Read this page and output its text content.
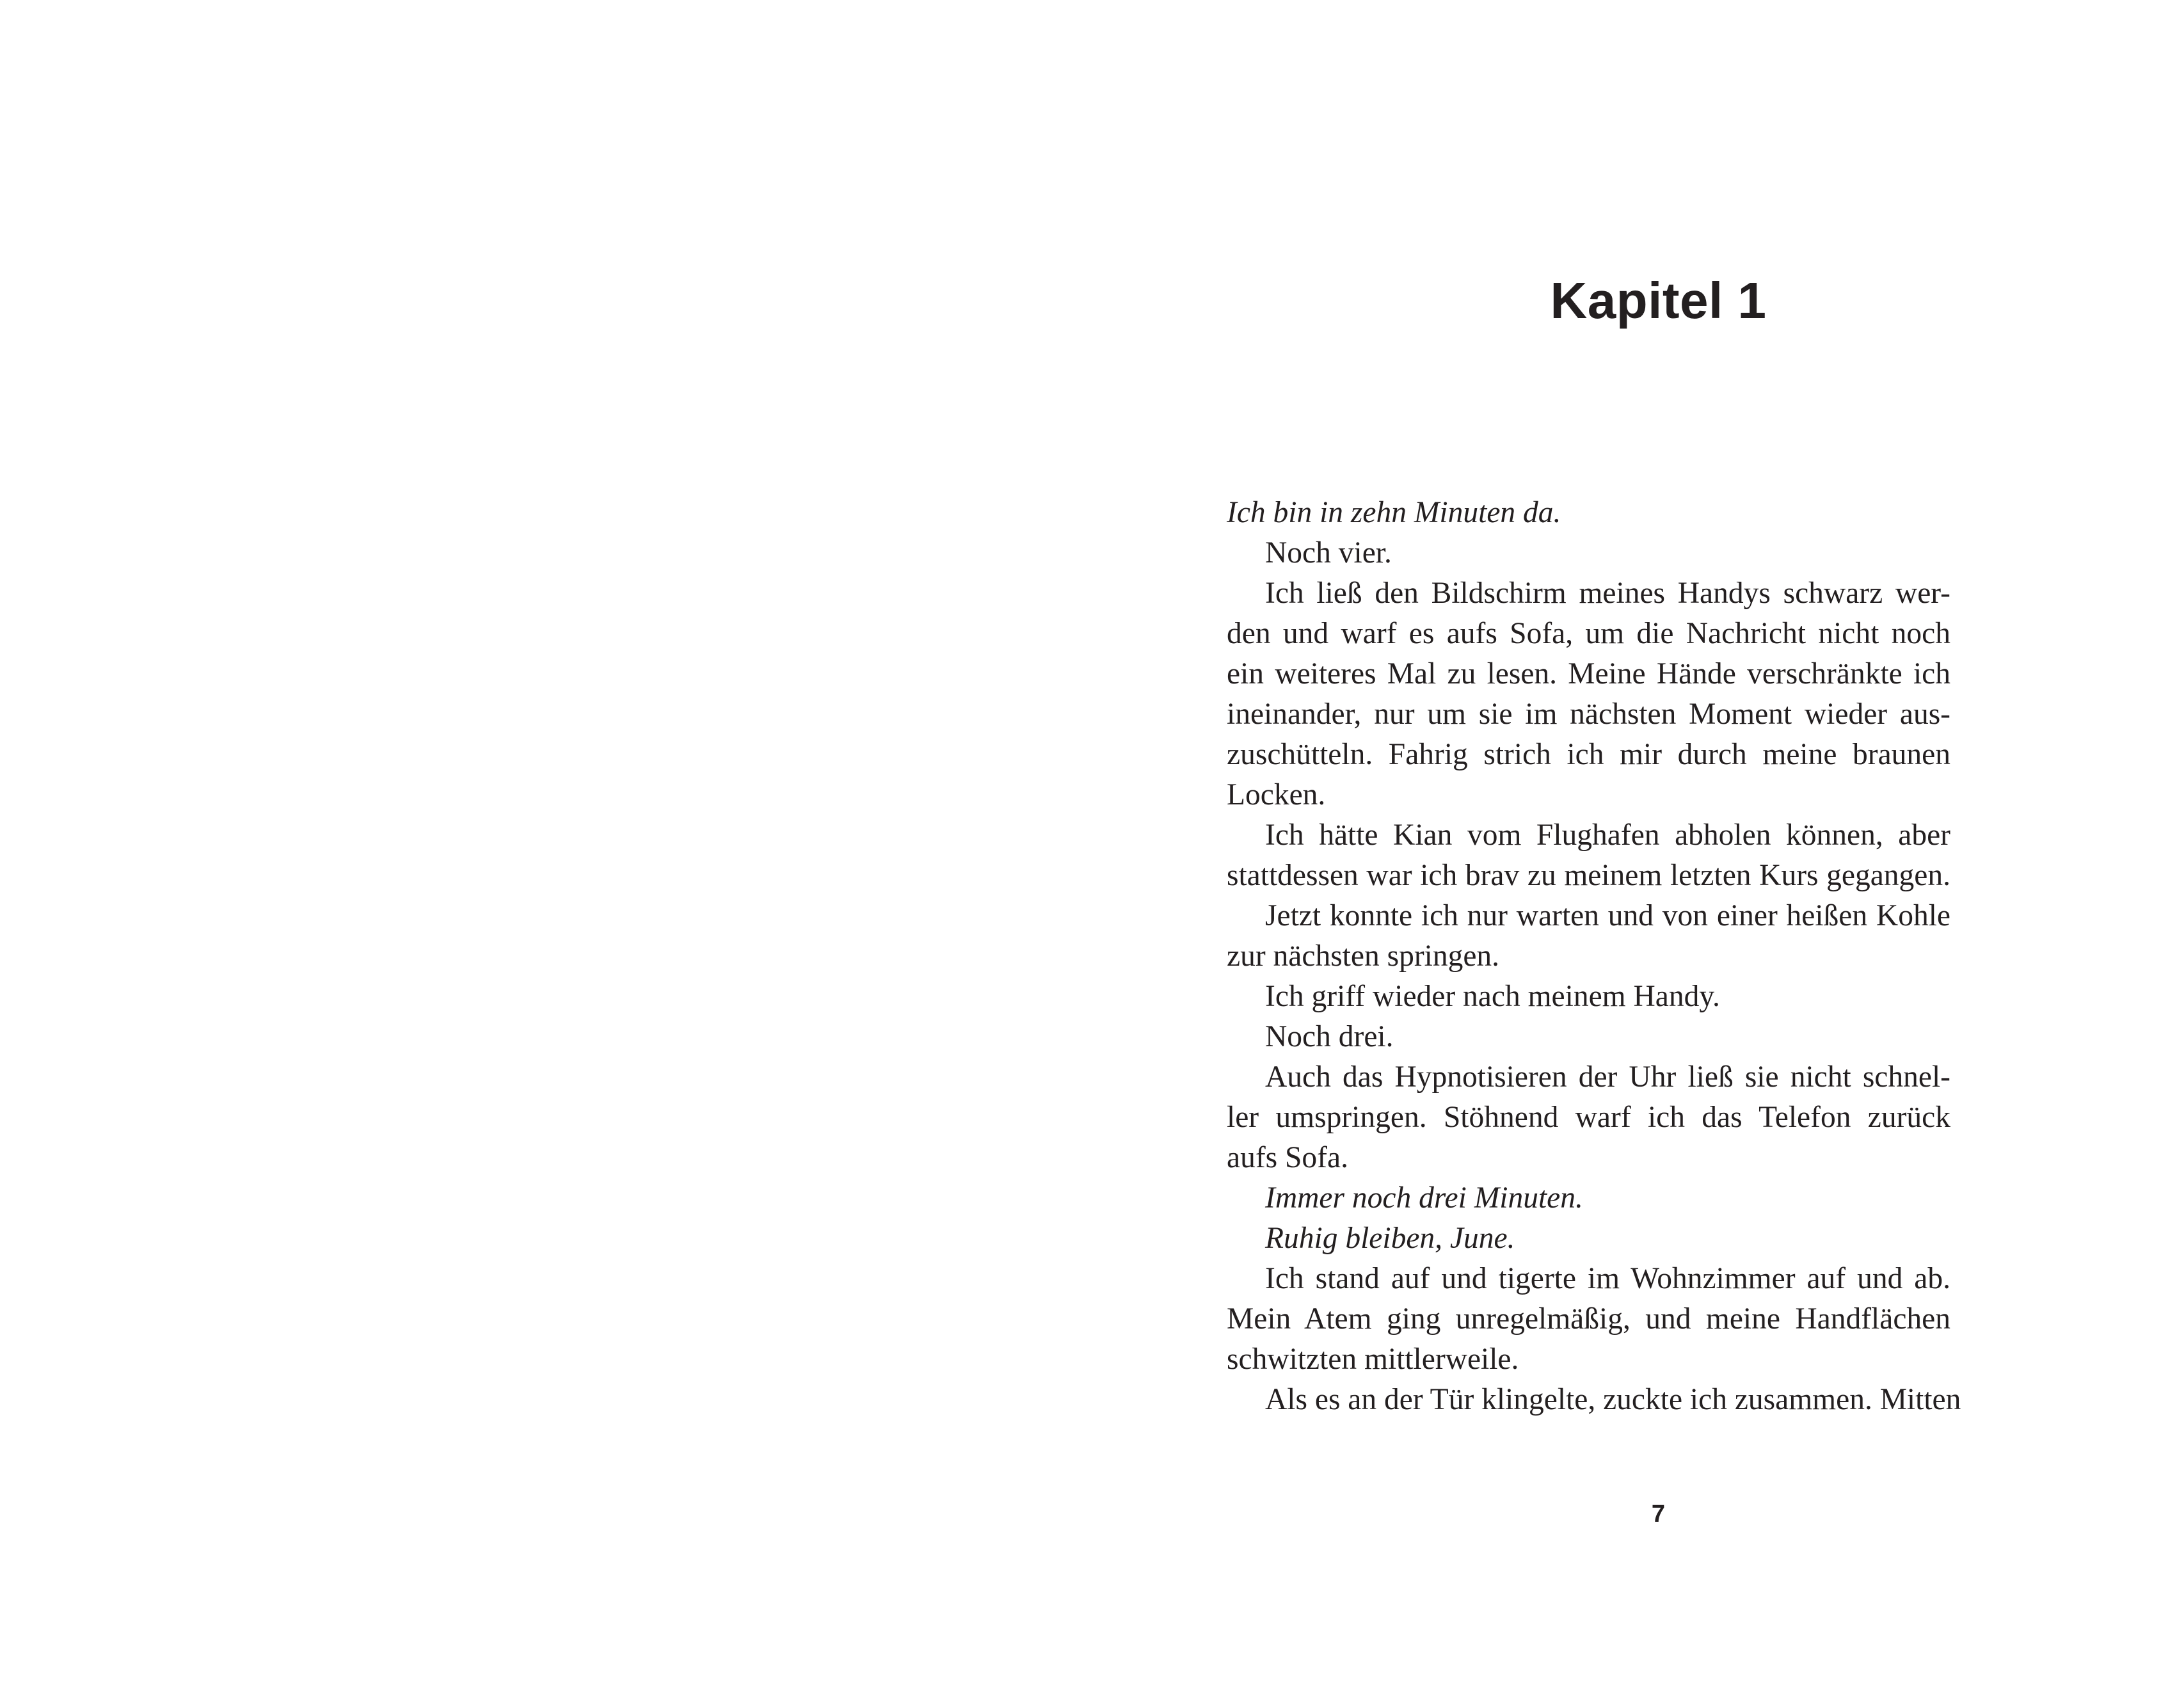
Kapitel 1
Ich bin in zehn Minuten da.
Noch vier.
Ich ließ den Bildschirm meines Handys schwarz wer-
den und warf es aufs Sofa, um die Nachricht nicht noch
ein weiteres Mal zu lesen. Meine Hände verschränkte ich
ineinander, nur um sie im nächsten Moment wieder aus-
zuschütteln. Fahrig strich ich mir durch meine braunen
Locken.
Ich hätte Kian vom Flughafen abholen können, aber
stattdessen war ich brav zu meinem letzten Kurs gegangen.
Jetzt konnte ich nur warten und von einer heißen Kohle
zur nächsten springen.
Ich griff wieder nach meinem Handy.
Noch drei.
Auch das Hypnotisieren der Uhr ließ sie nicht schnel-
ler umspringen. Stöhnend warf ich das Telefon zurück
aufs Sofa.
Immer noch drei Minuten.
Ruhig bleiben, June.
Ich stand auf und tigerte im Wohnzimmer auf und ab.
Mein Atem ging unregelmäßig, und meine Handflächen
schwitzten mittlerweile.
Als es an der Tür klingelte, zuckte ich zusammen. Mitten
7
